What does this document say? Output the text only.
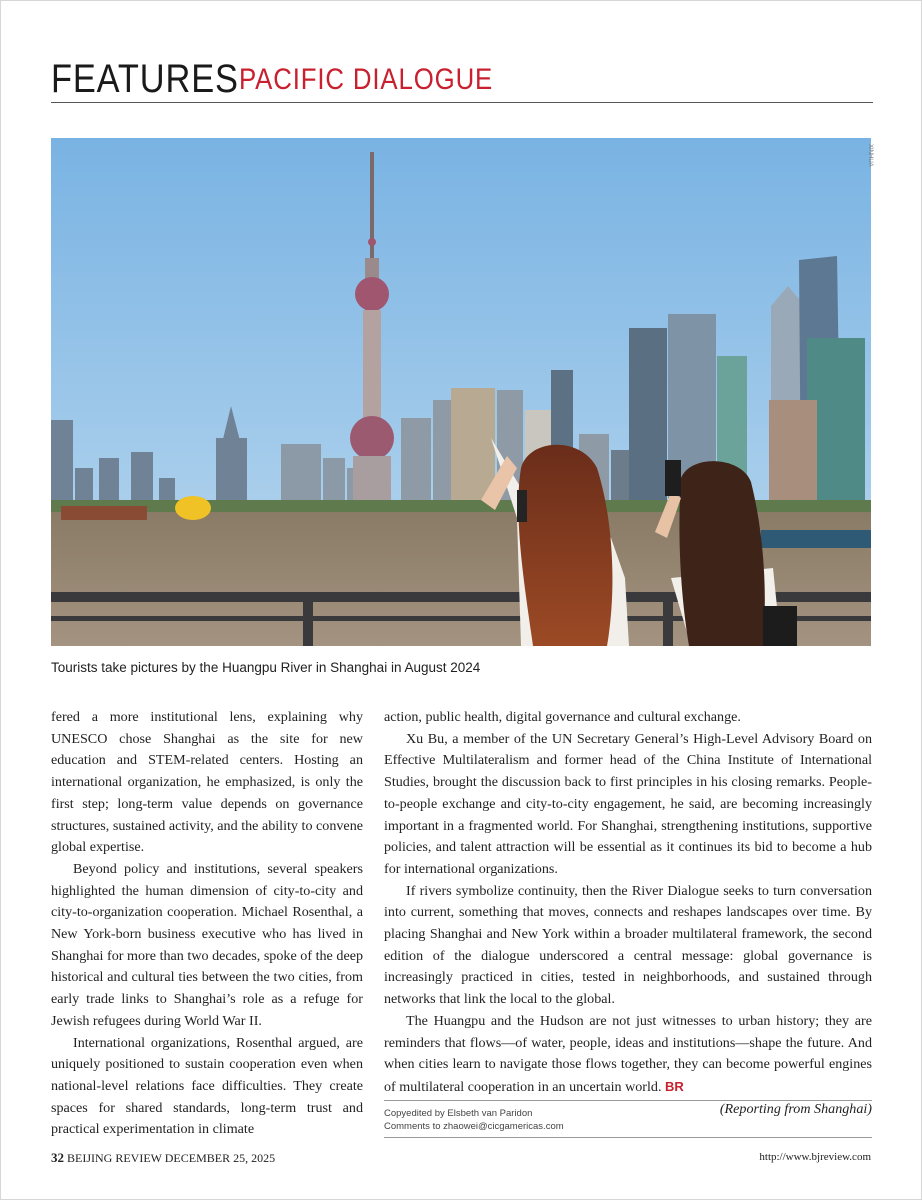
FEATURES PACIFIC DIALOGUE
XINHUA
Tourists take pictures by the Huangpu River in Shanghai in August 2024

fered a more institutional lens, explaining why UNESCO chose Shanghai as the site for new education and STEM-related centers. Hosting an international organization, he emphasized, is only the first step; long-term value depends on governance structures, sustained activity, and the ability to convene global expertise.

Beyond policy and institutions, several speakers highlighted the human dimension of city-to-city and city-to-organization cooperation. Michael Rosenthal, a New York-born business executive who has lived in Shanghai for more than two decades, spoke of the deep historical and cultural ties between the two cities, from early trade links to Shanghai’s role as a refuge for Jewish refugees during World War II.

International organizations, Rosenthal argued, are uniquely positioned to sustain cooperation even when national-level relations face difficulties. They create spaces for shared standards, long-term trust and practical experimentation in climate

action, public health, digital governance and cultural exchange.

Xu Bu, a member of the UN Secretary General’s High-Level Advisory Board on Effective Multilateralism and former head of the China Institute of International Studies, brought the discussion back to first principles in his closing remarks. People-to-people exchange and city-to-city engagement, he said, are becoming increasingly important in a fragmented world. For Shanghai, strengthening institutions, supportive policies, and talent attraction will be essential as it continues its bid to become a hub for international organizations.

If rivers symbolize continuity, then the River Dialogue seeks to turn conversation into current, something that moves, connects and reshapes landscapes over time. By placing Shanghai and New York within a broader multilateral framework, the second edition of the dialogue underscored a central message: global governance is increasingly practiced in cities, tested in neighborhoods, and sustained through networks that link the local to the global.

The Huangpu and the Hudson are not just witnesses to urban history; they are reminders that flows—of water, people, ideas and institutions—shape the future. And when cities learn to navigate those flows together, they can become powerful engines of multilateral cooperation in an uncertain world. BR

(Reporting from Shanghai)

Copyedited by Elsbeth van Paridon
Comments to zhaowei@cicgamericas.com
32 BEIJING REVIEW DECEMBER 25, 2025	http://www.bjreview.com
